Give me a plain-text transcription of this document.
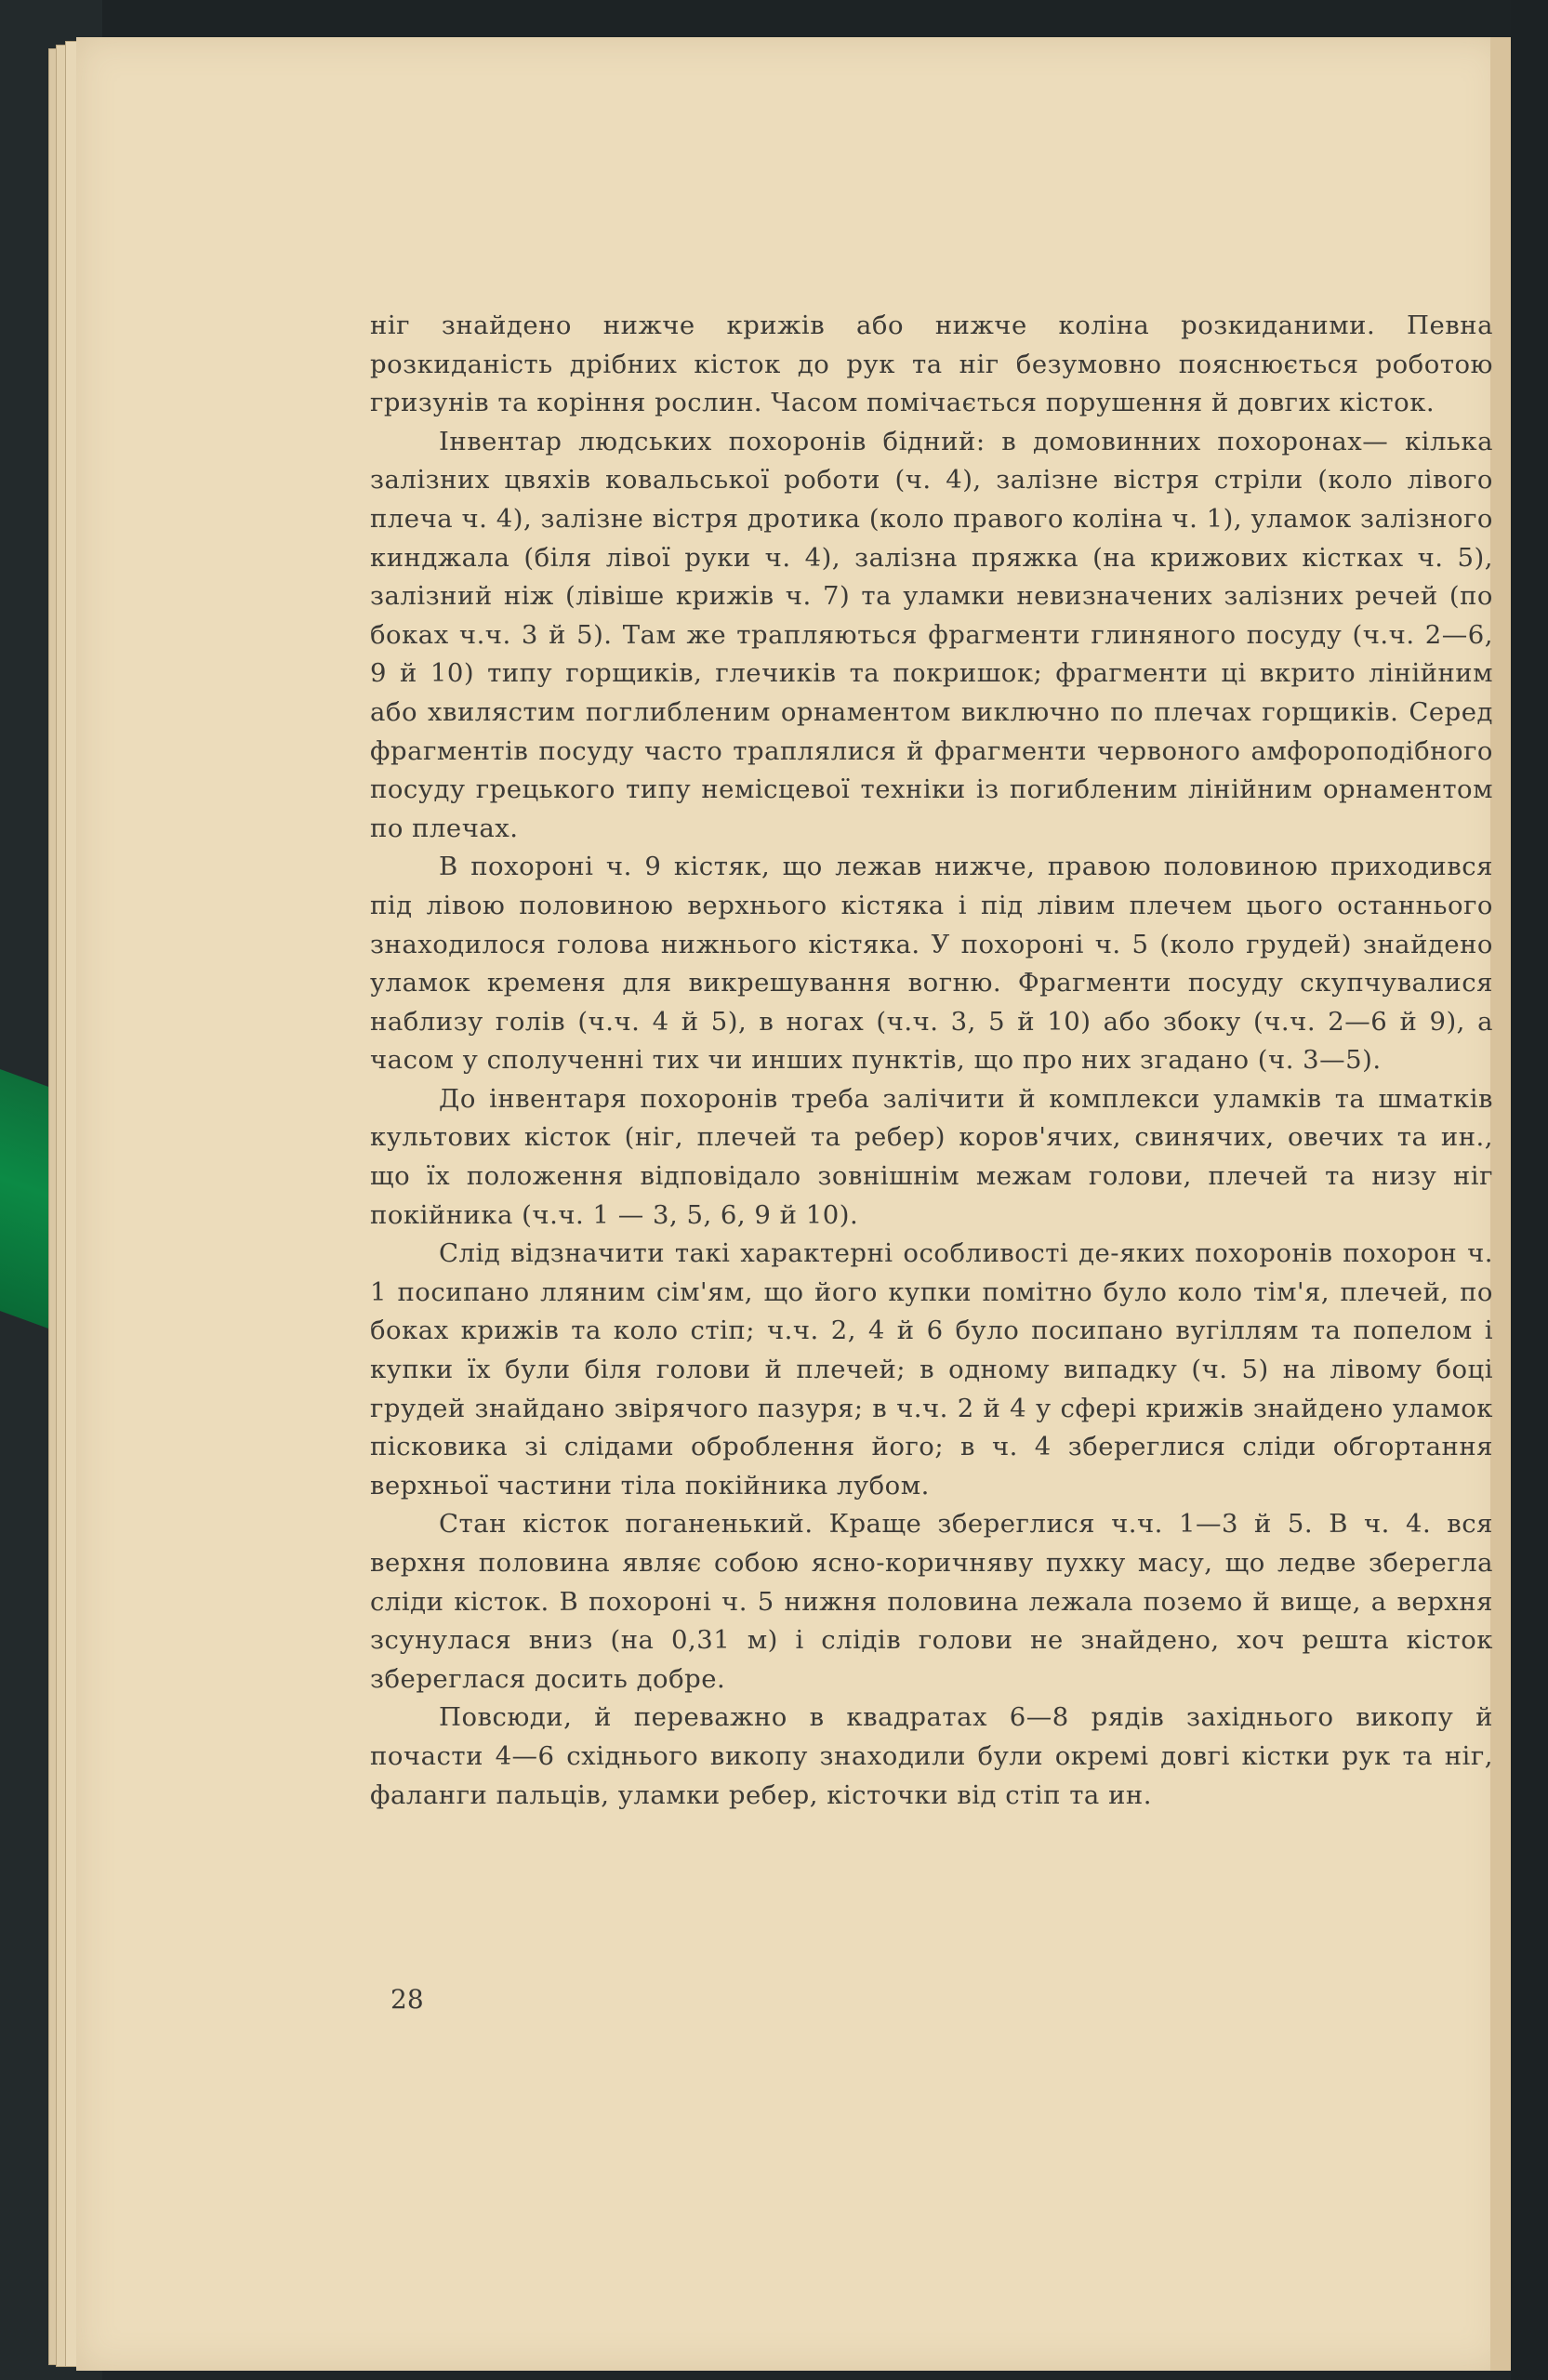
ніг знайдено нижче крижів або нижче коліна розкиданими. Певна розкиданість дрібних кісток до рук та ніг безумовно пояснюється роботою гризунів та коріння рослин. Часом помічається порушення й довгих кісток.

Інвентар людських похоронів бідний: в домовинних похоронах— кілька залізних цвяхів ковальської роботи (ч. 4), залізне вістря стріли (коло лівого плеча ч. 4), залізне вістря дротика (коло правого коліна ч. 1), уламок залізного кинджала (біля лівої руки ч. 4), залізна пряжка (на крижових кістках ч. 5), залізний ніж (лівіше крижів ч. 7) та уламки невизначених залізних речей (по боках ч.ч. 3 й 5). Там же трапляються фрагменти глиняного посуду (ч.ч. 2—6, 9 й 10) типу горщиків, глечиків та покришок; фрагменти ці вкрито лінійним або хвилястим поглибленим орнаментом виключно по плечах горщиків. Серед фрагментів посуду часто траплялися й фрагменти червоного амфороподібного посуду грецького типу немісцевої техніки із погибленим лінійним орнаментом по плечах.

В похороні ч. 9 кістяк, що лежав нижче, правою половиною приходився під лівою половиною верхнього кістяка і під лівим плечем цього останнього знаходилося голова нижнього кістяка. У похороні ч. 5 (коло грудей) знайдено уламок кременя для викрешування вогню. Фрагменти посуду скупчувалися наблизу голів (ч.ч. 4 й 5), в ногах (ч.ч. 3, 5 й 10) або збоку (ч.ч. 2—6 й 9), а часом у сполученні тих чи инших пунктів, що про них згадано (ч. 3—5).

До інвентаря похоронів треба залічити й комплекси уламків та шматків культових кісток (ніг, плечей та ребер) коров'ячих, свинячих, овечих та ин., що їх положення відповідало зовнішнім межам голови, плечей та низу ніг покійника (ч.ч. 1 — 3, 5, 6, 9 й 10).

Слід відзначити такі характерні особливості де-яких похоронів похорон ч. 1 посипано лляним сім'ям, що його купки помітно було коло тім'я, плечей, по боках крижів та коло стіп; ч.ч. 2, 4 й 6 було посипано вугіллям та попелом і купки їх були біля голови й плечей; в одному випадку (ч. 5) на лівому боці грудей знайдано звірячого пазуря; в ч.ч. 2 й 4 у сфері крижів знайдено уламок пісковика зі слідами оброблення його; в ч. 4 збереглися сліди обгортання верхньої частини тіла покійника лубом.

Стан кісток поганенький. Краще збереглися ч.ч. 1—3 й 5. В ч. 4. вся верхня половина являє собою ясно-коричняву пухку масу, що ледве зберегла сліди кісток. В похороні ч. 5 нижня половина лежала поземо й вище, а верхня зсунулася вниз (на 0,31 м) і слідів голови не знайдено, хоч решта кісток збереглася досить добре.

Повсюди, й переважно в квадратах 6—8 рядів західнього викопу й почасти 4—6 східнього викопу знаходили були окремі довгі кістки рук та ніг, фаланги пальців, уламки ребер, кісточки від стіп та ин.

28
